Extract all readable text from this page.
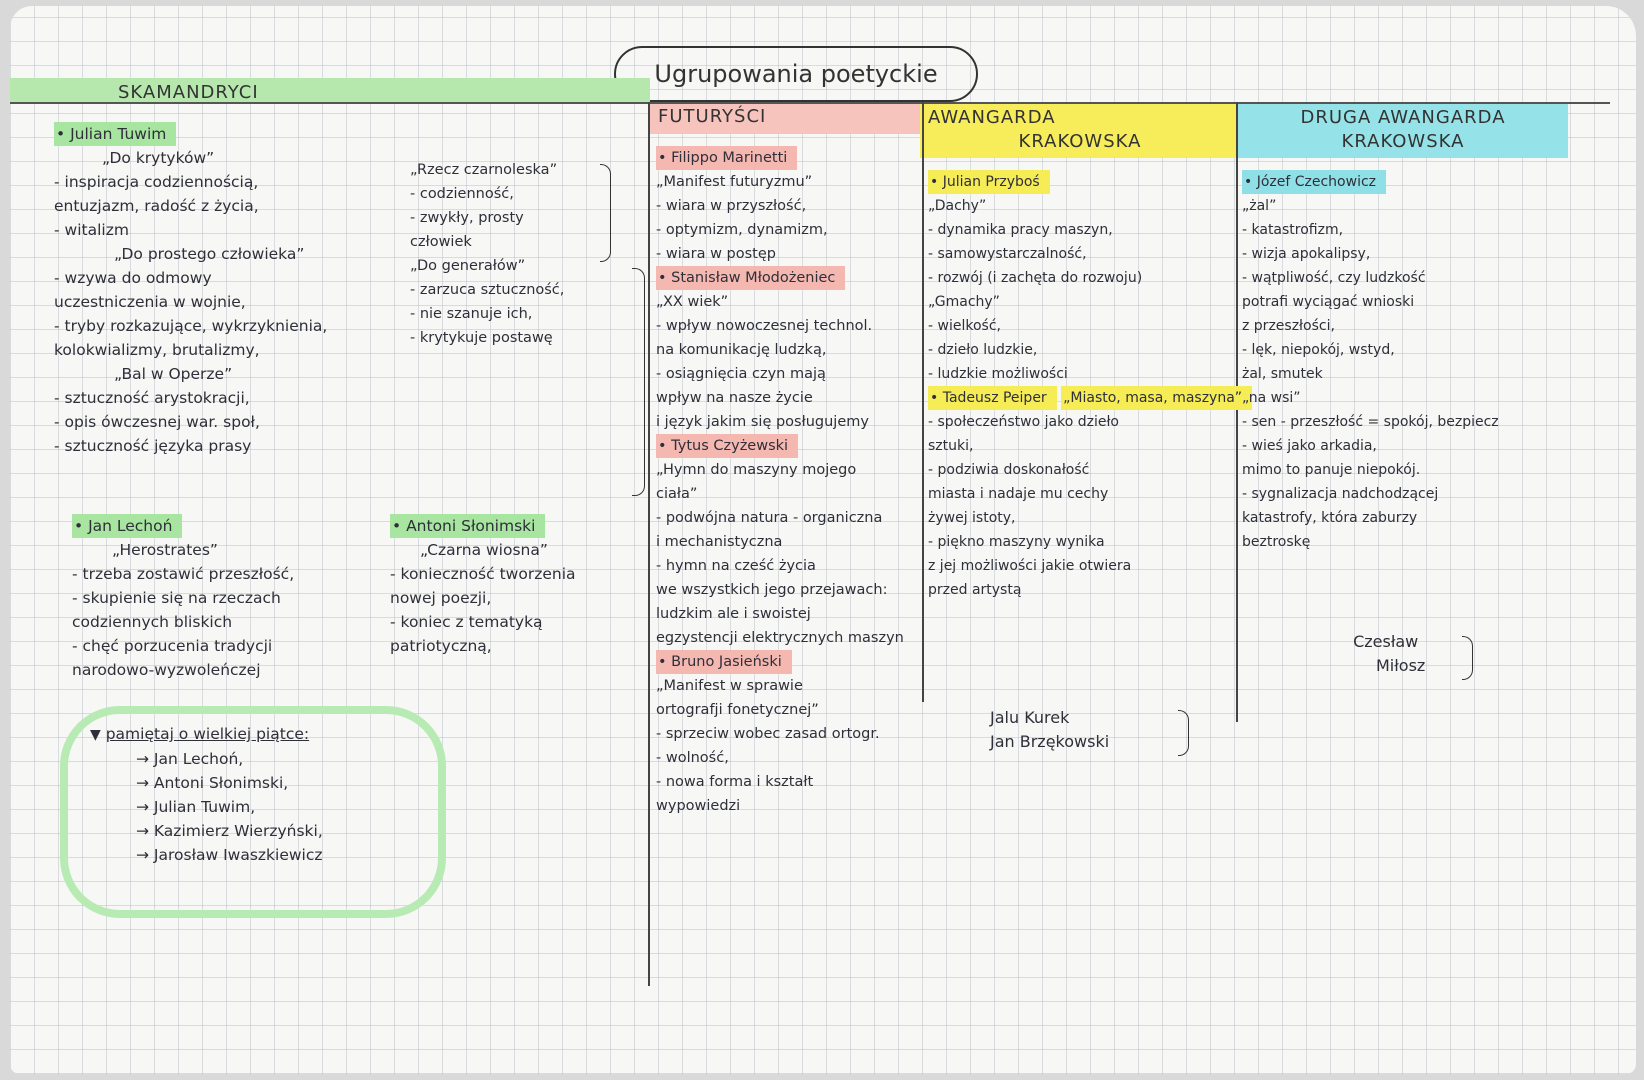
Ugrupowania poetyckie
SKAMANDRYCI
FUTURYŚCI	AWANGARDA
KRAKOWSKA
DRUGA AWANGARDA
KRAKOWSKA
• Julian Tuwim
„Do krytyków”
- inspiracja codziennością,
entuzjazm, radość z życia,
- witalizm
„Do prostego człowieka”
- wzywa do odmowy
uczestniczenia w wojnie,
- tryby rozkazujące, wykrzyknienia,
kolokwializmy, brutalizmy,
„Bal w Operze”
- sztuczność arystokracji,
- opis ówczesnej war. społ,
- sztuczność języka prasy
„Rzecz czarnoleska”
- codzienność,
- zwykły, prosty
człowiek
„Do generałów”
- zarzuca sztuczność,
- nie szanuje ich,
- krytykuje postawę
• Jan Lechoń
„Herostrates”
- trzeba zostawić przeszłość,
- skupienie się na rzeczach
codziennych bliskich
- chęć porzucenia tradycji
narodowo-wyzwoleńczej
• Antoni Słonimski
„Czarna wiosna”
- konieczność tworzenia
nowej poezji,
- koniec z tematyką
patriotyczną,
▼ pamiętaj o wielkiej piątce:
→ Jan Lechoń,
→ Antoni Słonimski,
→ Julian Tuwim,
→ Kazimierz Wierzyński,
→ Jarosław Iwaszkiewicz
• Filippo Marinetti
„Manifest futuryzmu”
- wiara w przyszłość,
- optymizm, dynamizm,
- wiara w postęp
• Stanisław Młodożeniec
„XX wiek”
- wpływ nowoczesnej technol.
na komunikację ludzką,
- osiągnięcia czyn mają
wpływ na nasze życie
i język jakim się posługujemy
• Tytus Czyżewski
„Hymn do maszyny mojego
ciała”
- podwójna natura - organiczna
i mechanistyczna
- hymn na cześć życia
we wszystkich jego przejawach:
ludzkim ale i swoistej
egzystencji elektrycznych maszyn
• Bruno Jasieński
„Manifest w sprawie
ortografji fonetycznej”
- sprzeciw wobec zasad ortogr.
- wolność,
- nowa forma i kształt
wypowiedzi
• Julian Przyboś
„Dachy”
- dynamika pracy maszyn,
- samowystarczalność,
- rozwój (i zachęta do rozwoju)
„Gmachy”
- wielkość,
- dzieło ludzkie,
- ludzkie możliwości
• Tadeusz Peiper „Miasto, masa, maszyna”
- społeczeństwo jako dzieło
sztuki,
- podziwia doskonałość
miasta i nadaje mu cechy
żywej istoty,
- piękno maszyny wynika
z jej możliwości jakie otwiera
przed artystą
Jalu Kurek
Jan Brzękowski
• Józef Czechowicz
„żal”
- katastrofizm,
- wizja apokalipsy,
- wątpliwość, czy ludzkość
potrafi wyciągać wnioski
z przeszłości,
- lęk, niepokój, wstyd,
żal, smutek
„na wsi”
- sen - przeszłość = spokój, bezpiecz
- wieś jako arkadia,
mimo to panuje niepokój.
- sygnalizacja nadchodzącej
katastrofy, która zaburzy
beztroskę
Czesław
Miłosz
